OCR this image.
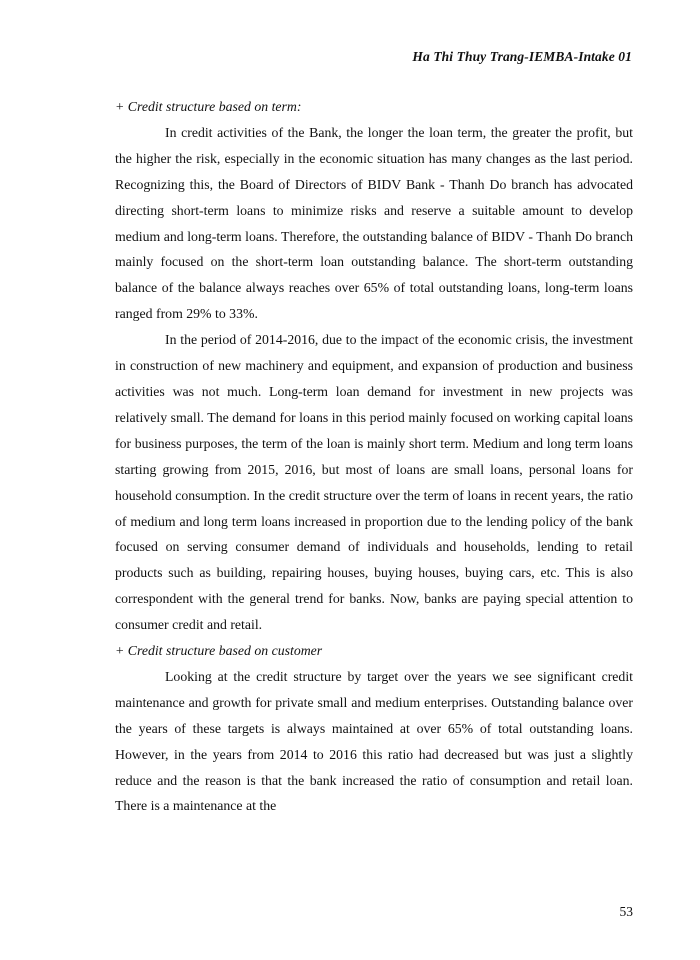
Ha Thi Thuy Trang-IEMBA-Intake 01

+ Credit structure based on term:

In credit activities of the Bank, the longer the loan term, the greater the profit, but the higher the risk, especially in the economic situation has many changes as the last period. Recognizing this, the Board of Directors of BIDV Bank - Thanh Do branch has advocated directing short-term loans to minimize risks and reserve a suitable amount to develop medium and long-term loans. Therefore, the outstanding balance of BIDV - Thanh Do branch mainly focused on the short-term loan outstanding balance. The short-term outstanding balance of the balance always reaches over 65% of total outstanding loans, long-term loans ranged from 29% to 33%.

In the period of 2014-2016, due to the impact of the economic crisis, the investment in construction of new machinery and equipment, and expansion of production and business activities was not much. Long-term loan demand for investment in new projects was relatively small. The demand for loans in this period mainly focused on working capital loans for business purposes, the term of the loan is mainly short term. Medium and long term loans starting growing from 2015, 2016, but most of loans are small loans, personal loans for household consumption. In the credit structure over the term of loans in recent years, the ratio of medium and long term loans increased in proportion due to the lending policy of the bank focused on serving consumer demand of individuals and households, lending to retail products such as building, repairing houses, buying houses, buying cars, etc. This is also correspondent with the general trend for banks. Now, banks are paying special attention to consumer credit and retail.

+ Credit structure based on customer

Looking at the credit structure by target over the years we see significant credit maintenance and growth for private small and medium enterprises. Outstanding balance over the years of these targets is always maintained at over 65% of total outstanding loans. However, in the years from 2014 to 2016 this ratio had decreased but was just a slightly reduce and the reason is that the bank increased the ratio of consumption and retail loan. There is a maintenance at the

53
